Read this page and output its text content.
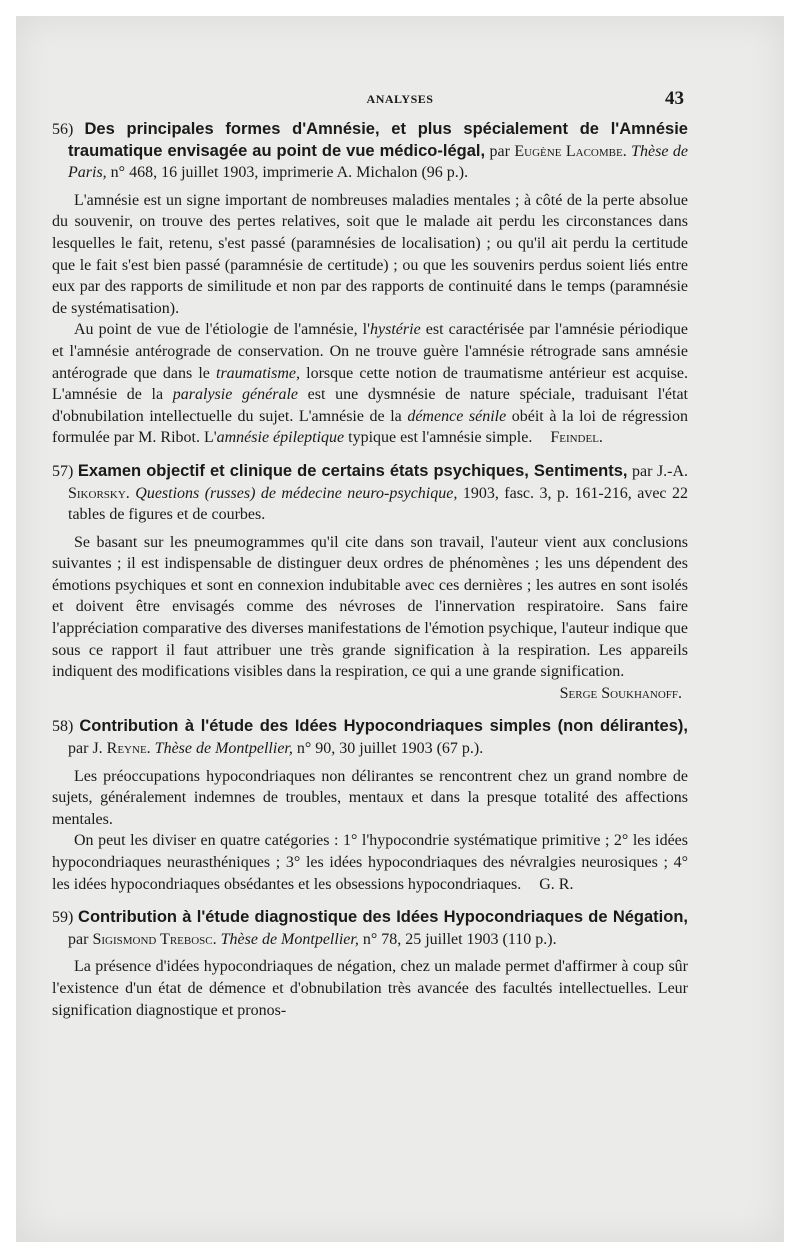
ANALYSES	43

56) Des principales formes d'Amnésie, et plus spécialement de l'Amnésie traumatique envisagée au point de vue médico-légal, par Eugène Lacombe. Thèse de Paris, n° 468, 16 juillet 1903, imprimerie A. Michalon (96 p.).

L'amnésie est un signe important de nombreuses maladies mentales ; à côté de la perte absolue du souvenir, on trouve des pertes relatives, soit que le malade ait perdu les circonstances dans lesquelles le fait, retenu, s'est passé (paramnésies de localisation) ; ou qu'il ait perdu la certitude que le fait s'est bien passé (paramnésie de certitude) ; ou que les souvenirs perdus soient liés entre eux par des rapports de similitude et non par des rapports de continuité dans le temps (paramnésie de systématisation).

Au point de vue de l'étiologie de l'amnésie, l'hystérie est caractérisée par l'amnésie périodique et l'amnésie antérograde de conservation. On ne trouve guère l'amnésie rétrograde sans amnésie antérograde que dans le traumatisme, lorsque cette notion de traumatisme antérieur est acquise. L'amnésie de la paralysie générale est une dysmnésie de nature spéciale, traduisant l'état d'obnubilation intellectuelle du sujet. L'amnésie de la démence sénile obéit à la loi de régression formulée par M. Ribot. L'amnésie épileptique typique est l'amnésie simple. Feindel.

57) Examen objectif et clinique de certains états psychiques, Sentiments, par J.-A. Sikorsky. Questions (russes) de médecine neuro-psychique, 1903, fasc. 3, p. 161-216, avec 22 tables de figures et de courbes.

Se basant sur les pneumogrammes qu'il cite dans son travail, l'auteur vient aux conclusions suivantes ; il est indispensable de distinguer deux ordres de phénomènes ; les uns dépendent des émotions psychiques et sont en connexion indubitable avec ces dernières ; les autres en sont isolés et doivent être envisagés comme des névroses de l'innervation respiratoire. Sans faire l'appréciation comparative des diverses manifestations de l'émotion psychique, l'auteur indique que sous ce rapport il faut attribuer une très grande signification à la respiration. Les appareils indiquent des modifications visibles dans la respiration, ce qui a une grande signification.

Serge Soukhanoff.

58) Contribution à l'étude des Idées Hypocondriaques simples (non délirantes), par J. Reyne. Thèse de Montpellier, n° 90, 30 juillet 1903 (67 p.).

Les préoccupations hypocondriaques non délirantes se rencontrent chez un grand nombre de sujets, généralement indemnes de troubles, mentaux et dans la presque totalité des affections mentales.

On peut les diviser en quatre catégories : 1° l'hypocondrie systématique primitive ; 2° les idées hypocondriaques neurasthéniques ; 3° les idées hypocondriaques des névralgies neurosiques ; 4° les idées hypocondriaques obsédantes et les obsessions hypocondriaques. G. R.

59) Contribution à l'étude diagnostique des Idées Hypocondriaques de Négation, par Sigismond Trebosc. Thèse de Montpellier, n° 78, 25 juillet 1903 (110 p.).

La présence d'idées hypocondriaques de négation, chez un malade permet d'affirmer à coup sûr l'existence d'un état de démence et d'obnubilation très avancée des facultés intellectuelles. Leur signification diagnostique et pronos-
